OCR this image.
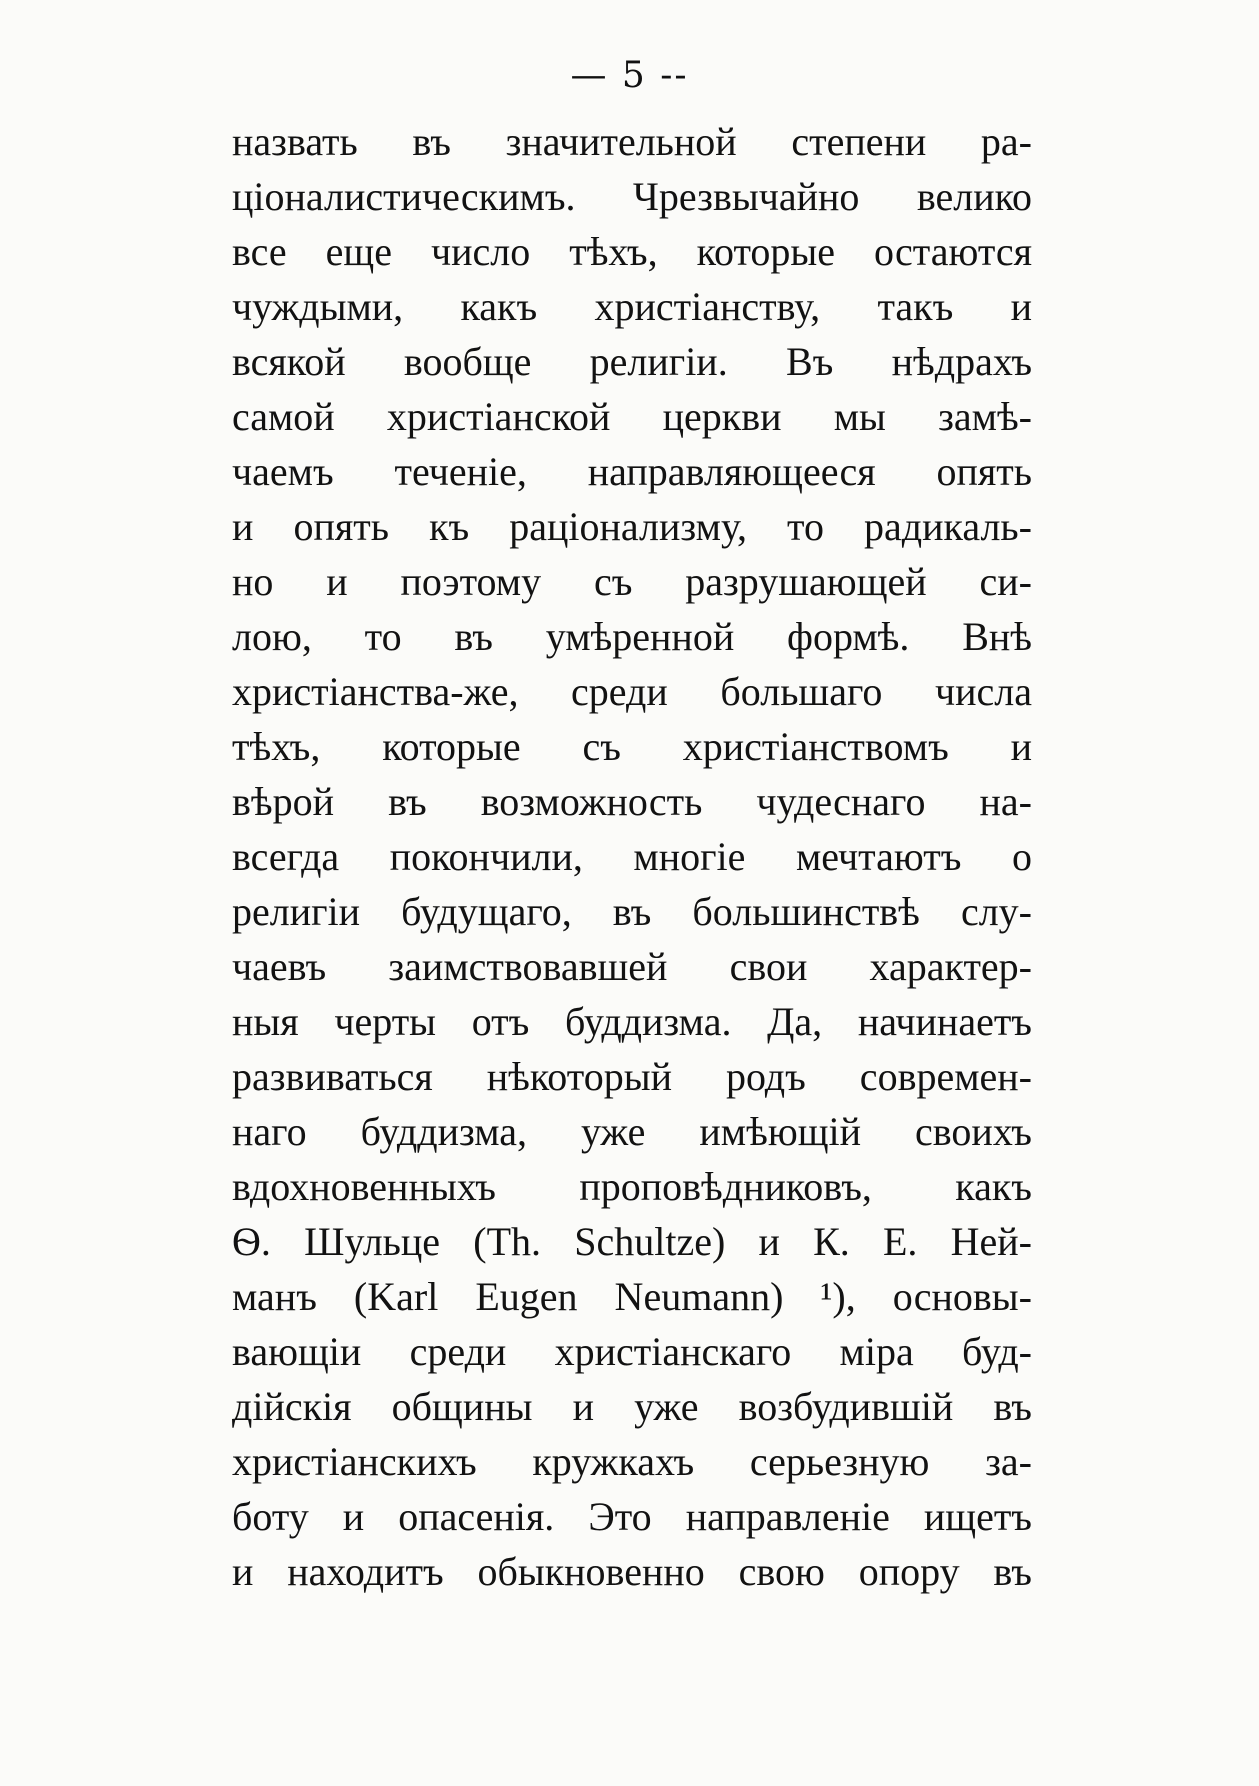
— 5 --
назвать въ значительной степени ра-
ціоналистическимъ. Чрезвычайно велико
все еще число тѣхъ, которые остаются
чуждыми, какъ христіанству, такъ и
всякой вообще религіи. Въ нѣдрахъ
самой христіанской церкви мы замѣ-
чаемъ теченіе, направляющееся опять
и опять къ раціонализму, то радикаль-
но и поэтому съ разрушающей си-
лою, то въ умѣренной формѣ. Внѣ
христіанства-же, среди большаго числа
тѣхъ, которые съ христіанствомъ и
вѣрой въ возможность чудеснаго на-
всегда покончили, многіе мечтаютъ о
религіи будущаго, въ большинствѣ слу-
чаевъ заимствовавшей свои характер-
ныя черты отъ буддизма. Да, начинаетъ
развиваться нѣкоторый родъ современ-
наго буддизма, уже имѣющій своихъ
вдохновенныхъ проповѣдниковъ, какъ
Ѳ. Шульце (Th. Schultze) и К. Е. Ней-
манъ (Karl Eugen Neumann) ¹), основы-
вающіи среди христіанскаго міра буд-
дійскія общины и уже возбудившій въ
христіанскихъ кружкахъ серьезную за-
боту и опасенія. Это направленіе ищетъ
и находитъ обыкновенно свою опору въ
